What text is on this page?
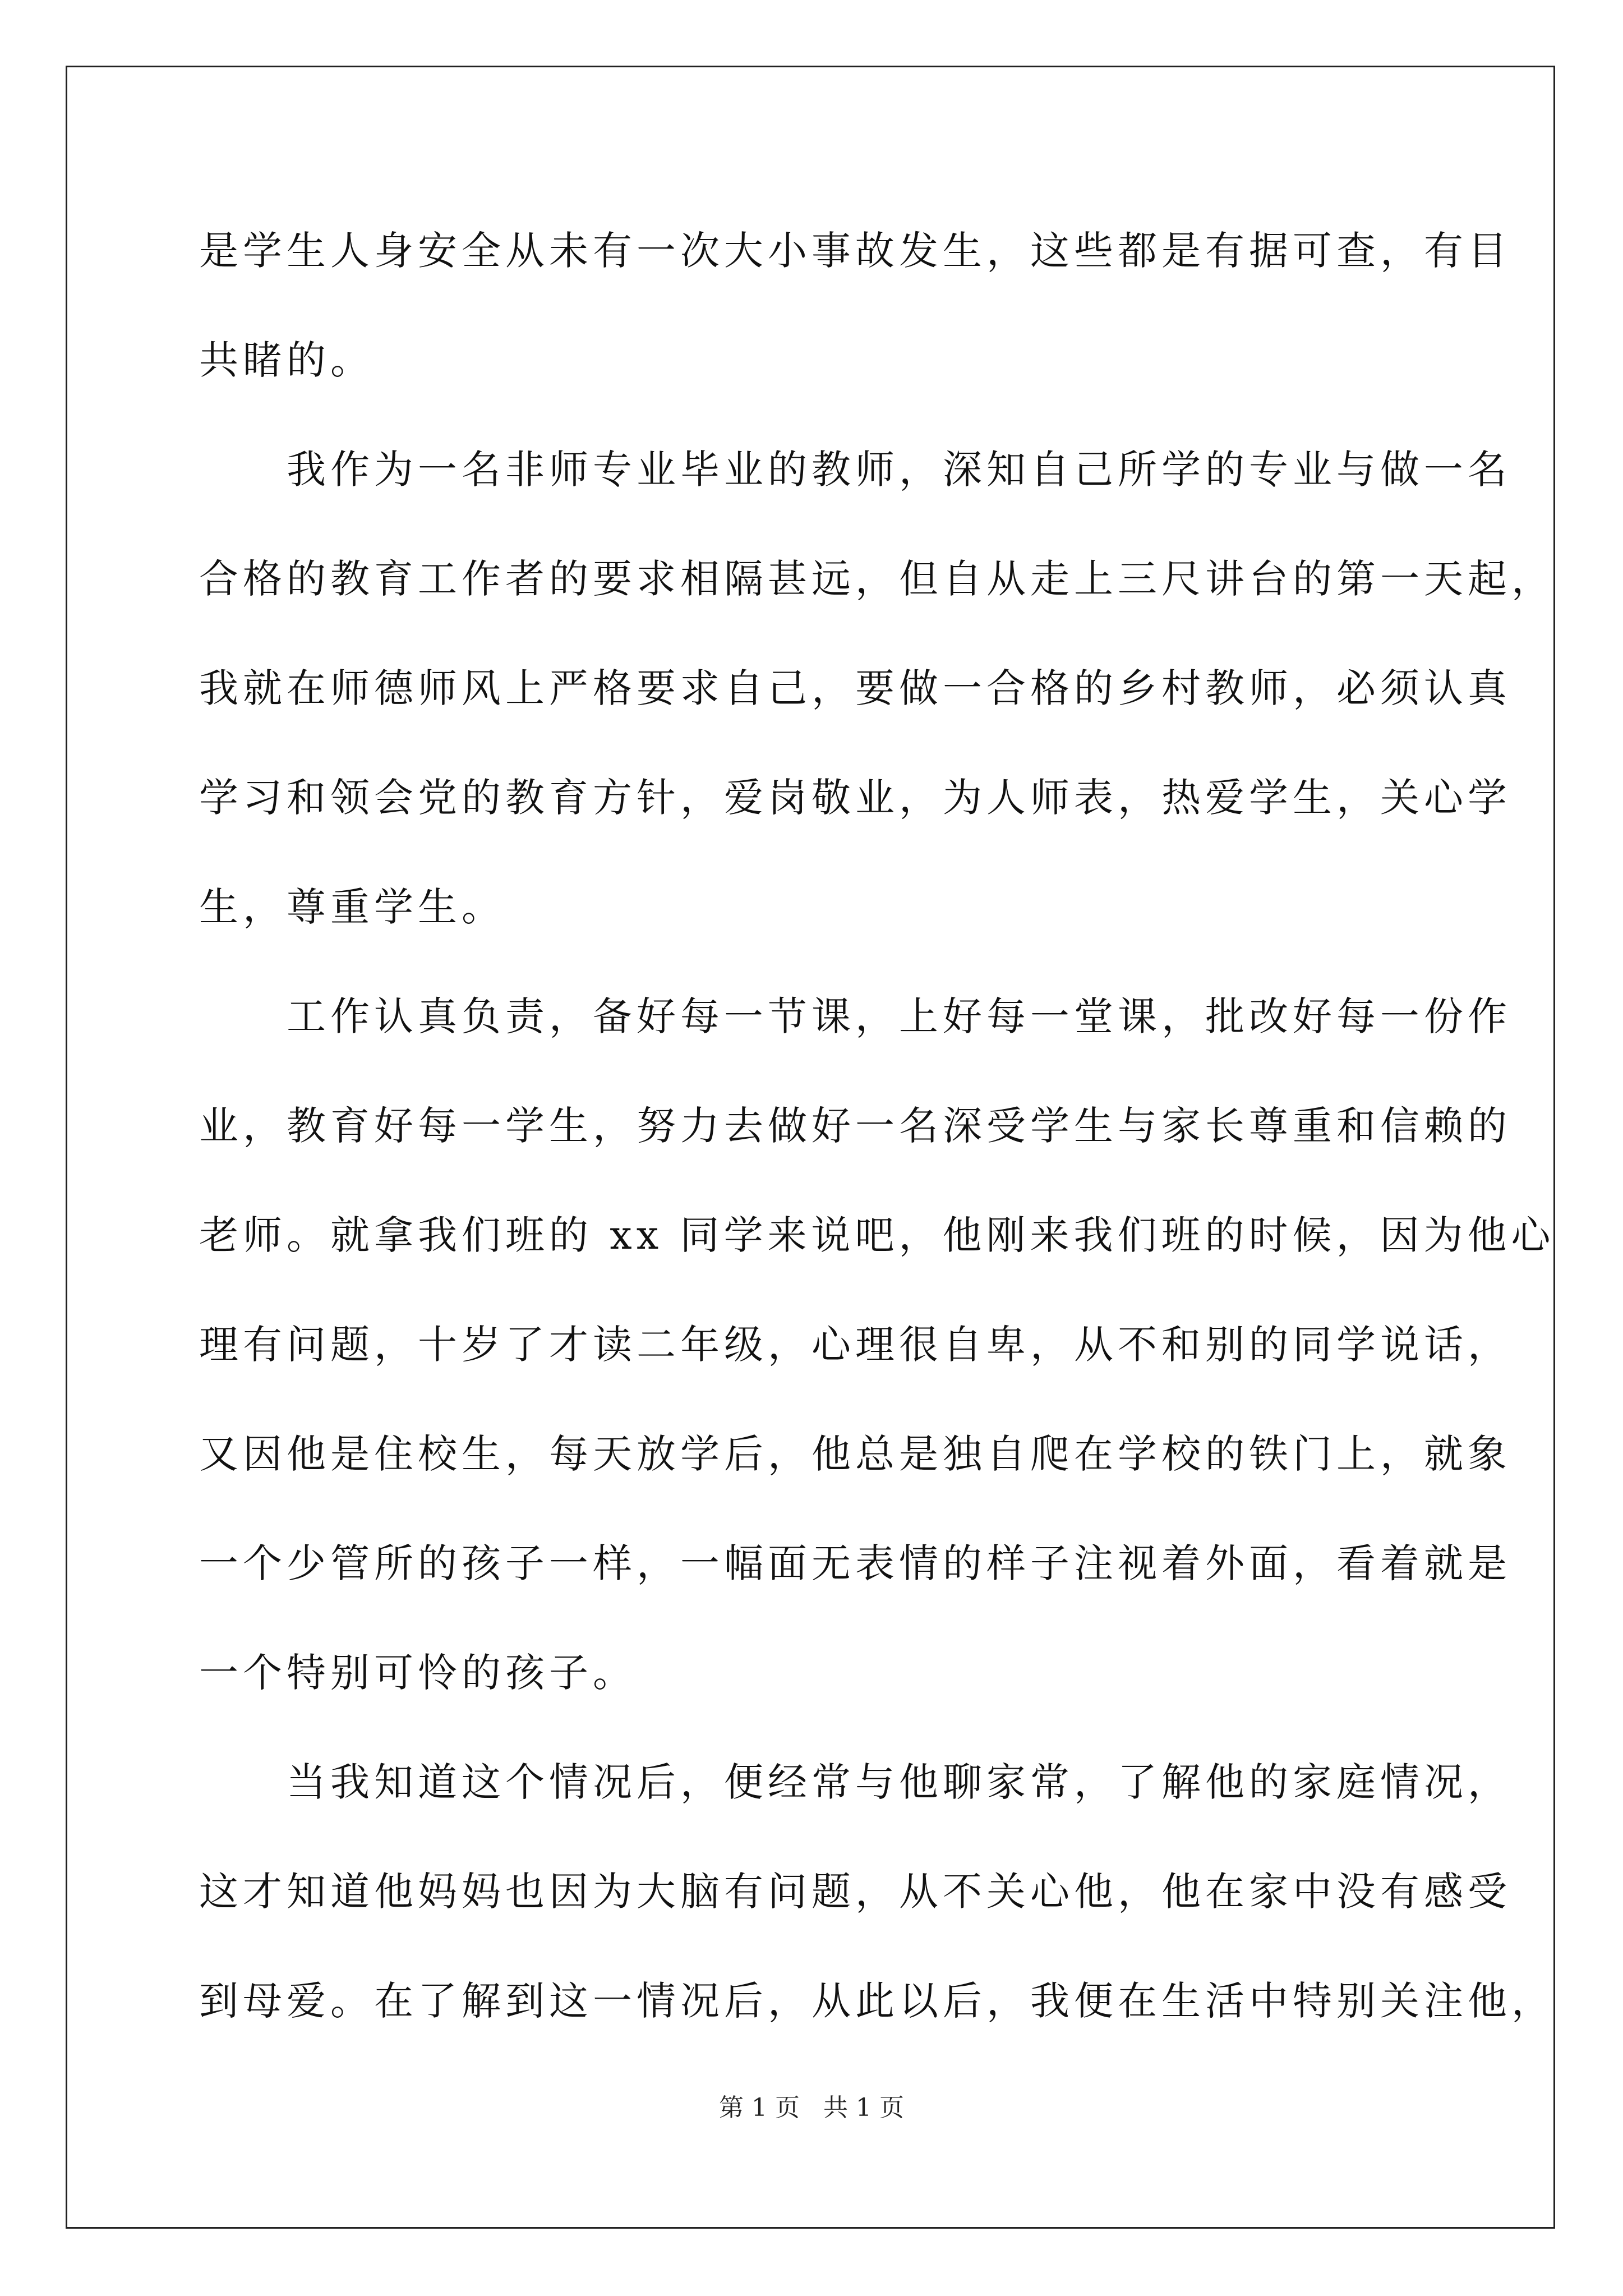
是学生人身安全从未有一次大小事故发生，这些都是有据可查，有目
共睹的。
　　我作为一名非师专业毕业的教师，深知自己所学的专业与做一名
合格的教育工作者的要求相隔甚远，但自从走上三尺讲台的第一天起，
我就在师德师风上严格要求自己，要做一合格的乡村教师，必须认真
学习和领会党的教育方针，爱岗敬业，为人师表，热爱学生，关心学
生，尊重学生。
　　工作认真负责，备好每一节课，上好每一堂课，批改好每一份作
业，教育好每一学生，努力去做好一名深受学生与家长尊重和信赖的
老师。就拿我们班的 xx 同学来说吧，他刚来我们班的时候，因为他心
理有问题，十岁了才读二年级，心理很自卑，从不和别的同学说话，
又因他是住校生，每天放学后，他总是独自爬在学校的铁门上，就象
一个少管所的孩子一样，一幅面无表情的样子注视着外面，看着就是
一个特别可怜的孩子。
　　当我知道这个情况后，便经常与他聊家常，了解他的家庭情况，
这才知道他妈妈也因为大脑有问题，从不关心他，他在家中没有感受
到母爱。在了解到这一情况后，从此以后，我便在生活中特别关注他，
第 1 页 共 1 页
